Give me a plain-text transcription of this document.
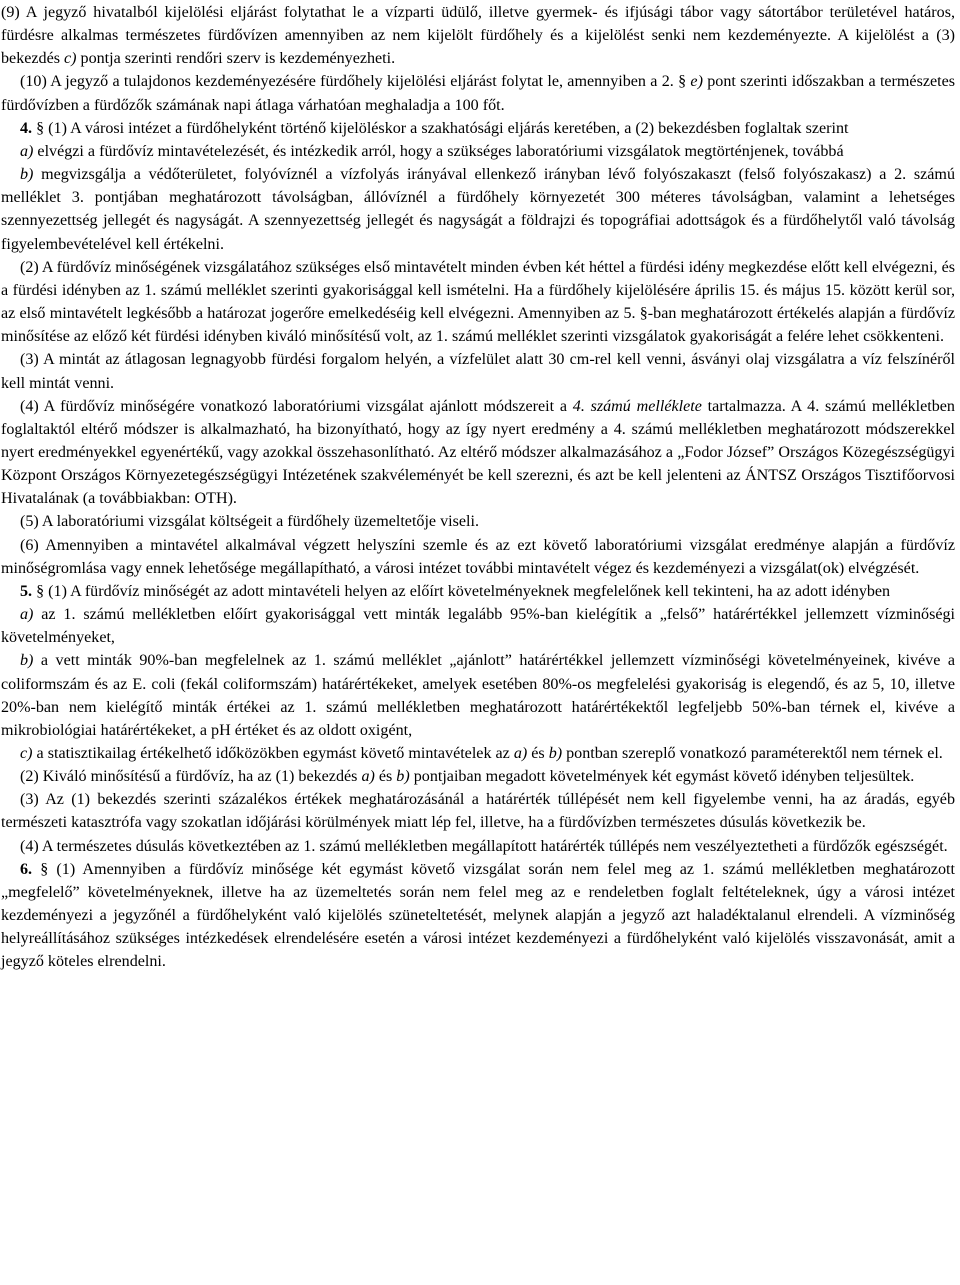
(9) A jegyző hivatalból kijelölési eljárást folytathat le a vízparti üdülő, illetve gyermek- és ifjúsági tábor vagy sátortábor területével határos, fürdésre alkalmas természetes fürdővízen amennyiben az nem kijelölt fürdőhely és a kijelölést senki nem kezdeményezte. A kijelölést a (3) bekezdés c) pontja szerinti rendőri szerv is kezdeményezheti.

(10) A jegyző a tulajdonos kezdeményezésére fürdőhely kijelölési eljárást folytat le, amennyiben a 2. § e) pont szerinti időszakban a természetes fürdővízben a fürdőzők számának napi átlaga várhatóan meghaladja a 100 főt.

4. § (1) A városi intézet a fürdőhelyként történő kijelöléskor a szakhatósági eljárás keretében, a (2) bekezdésben foglaltak szerint

a) elvégzi a fürdővíz mintavételezését, és intézkedik arról, hogy a szükséges laboratóriumi vizsgálatok megtörténjenek, továbbá

b) megvizsgálja a védőterületet, folyóvíznél a vízfolyás irányával ellenkező irányban lévő folyószakaszt (felső folyószakasz) a 2. számú melléklet 3. pontjában meghatározott távolságban, állóvíznél a fürdőhely környezetét 300 méteres távolságban, valamint a lehetséges szennyezettség jellegét és nagyságát. A szennyezettség jellegét és nagyságát a földrajzi és topográfiai adottságok és a fürdőhelytől való távolság figyelembevételével kell értékelni.

(2) A fürdővíz minőségének vizsgálatához szükséges első mintavételt minden évben két héttel a fürdési idény megkezdése előtt kell elvégezni, és a fürdési idényben az 1. számú melléklet szerinti gyakorisággal kell ismételni. Ha a fürdőhely kijelölésére április 15. és május 15. között kerül sor, az első mintavételt legkésőbb a határozat jogerőre emelkedéséig kell elvégezni. Amennyiben az 5. §-ban meghatározott értékelés alapján a fürdővíz minősítése az előző két fürdési idényben kiváló minősítésű volt, az 1. számú melléklet szerinti vizsgálatok gyakoriságát a felére lehet csökkenteni.

(3) A mintát az átlagosan legnagyobb fürdési forgalom helyén, a vízfelület alatt 30 cm-rel kell venni, ásványi olaj vizsgálatra a víz felszínéről kell mintát venni.

(4) A fürdővíz minőségére vonatkozó laboratóriumi vizsgálat ajánlott módszereit a 4. számú melléklete tartalmazza. A 4. számú mellékletben foglaltaktól eltérő módszer is alkalmazható, ha bizonyítható, hogy az így nyert eredmény a 4. számú mellékletben meghatározott módszerekkel nyert eredményekkel egyenértékű, vagy azokkal összehasonlítható. Az eltérő módszer alkalmazásához a „Fodor József” Országos Közegészségügyi Központ Országos Környezetegészségügyi Intézetének szakvéleményét be kell szerezni, és azt be kell jelenteni az ÁNTSZ Országos Tisztifőorvosi Hivatalának (a továbbiakban: OTH).

(5) A laboratóriumi vizsgálat költségeit a fürdőhely üzemeltetője viseli.

(6) Amennyiben a mintavétel alkalmával végzett helyszíni szemle és az ezt követő laboratóriumi vizsgálat eredménye alapján a fürdővíz minőségromlása vagy ennek lehetősége megállapítható, a városi intézet további mintavételt végez és kezdeményezi a vizsgálat(ok) elvégzését.

5. § (1) A fürdővíz minőségét az adott mintavételi helyen az előírt követelményeknek megfelelőnek kell tekinteni, ha az adott idényben

a) az 1. számú mellékletben előírt gyakorisággal vett minták legalább 95%-ban kielégítik a „felső” határértékkel jellemzett vízminőségi követelményeket,

b) a vett minták 90%-ban megfelelnek az 1. számú melléklet „ajánlott” határértékkel jellemzett vízminőségi követelményeinek, kivéve a coliformszám és az E. coli (fekál coliformszám) határértékeket, amelyek esetében 80%-os megfelelési gyakoriság is elegendő, és az 5, 10, illetve 20%-ban nem kielégítő minták értékei az 1. számú mellékletben meghatározott határértékektől legfeljebb 50%-ban térnek el, kivéve a mikrobiológiai határértékeket, a pH értéket és az oldott oxigént,

c) a statisztikailag értékelhető időközökben egymást követő mintavételek az a) és b) pontban szereplő vonatkozó paraméterektől nem térnek el.

(2) Kiváló minősítésű a fürdővíz, ha az (1) bekezdés a) és b) pontjaiban megadott követelmények két egymást követő idényben teljesültek.

(3) Az (1) bekezdés szerinti százalékos értékek meghatározásánál a határérték túllépését nem kell figyelembe venni, ha az áradás, egyéb természeti katasztrófa vagy szokatlan időjárási körülmények miatt lép fel, illetve, ha a fürdővízben természetes dúsulás következik be.

(4) A természetes dúsulás következtében az 1. számú mellékletben megállapított határérték túllépés nem veszélyeztetheti a fürdőzők egészségét.

6. § (1) Amennyiben a fürdővíz minősége két egymást követő vizsgálat során nem felel meg az 1. számú mellékletben meghatározott „megfelelő” követelményeknek, illetve ha az üzemeltetés során nem felel meg az e rendeletben foglalt feltételeknek, úgy a városi intézet kezdeményezi a jegyzőnél a fürdőhelyként való kijelölés szüneteltetését, melynek alapján a jegyző azt haladéktalanul elrendeli. A vízminőség helyreállításához szükséges intézkedések elrendelésére esetén a városi intézet kezdeményezi a fürdőhelyként való kijelölés visszavonását, amit a jegyző köteles elrendelni.
